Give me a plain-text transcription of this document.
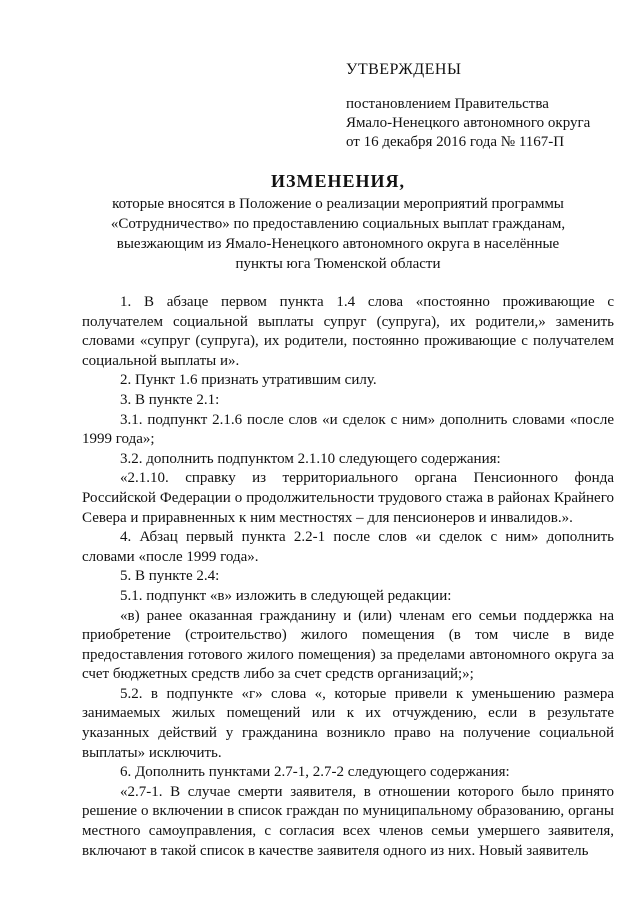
УТВЕРЖДЕНЫ
постановлением Правительства
Ямало-Ненецкого автономного округа
от 16 декабря 2016 года № 1167-П
ИЗМЕНЕНИЯ,
которые вносятся в Положение о реализации мероприятий программы
«Сотрудничество» по предоставлению социальных выплат гражданам,
выезжающим из Ямало-Ненецкого автономного округа в населённые
пункты юга Тюменской области

1. В абзаце первом пункта 1.4 слова «постоянно проживающие с получателем социальной выплаты супруг (супруга), их родители,» заменить словами «супруг (супруга), их родители, постоянно проживающие с получателем социальной выплаты и».

2. Пункт 1.6 признать утратившим силу.

3. В пункте 2.1:

3.1. подпункт 2.1.6 после слов «и сделок с ним» дополнить словами «после 1999 года»;

3.2. дополнить подпунктом 2.1.10 следующего содержания:

«2.1.10. справку из территориального органа Пенсионного фонда Российской Федерации о продолжительности трудового стажа в районах Крайнего Севера и приравненных к ним местностях – для пенсионеров и инвалидов.».

4. Абзац первый пункта 2.2-1 после слов «и сделок с ним» дополнить словами «после 1999 года».

5. В пункте 2.4:

5.1. подпункт «в» изложить в следующей редакции:

«в) ранее оказанная гражданину и (или) членам его семьи поддержка на приобретение (строительство) жилого помещения (в том числе в виде предоставления готового жилого помещения) за пределами автономного округа за счет бюджетных средств либо за счет средств организаций;»;

5.2. в подпункте «г» слова «, которые привели к уменьшению размера занимаемых жилых помещений или к их отчуждению, если в результате указанных действий у гражданина возникло право на получение социальной выплаты» исключить.

6. Дополнить пунктами 2.7-1, 2.7-2 следующего содержания:

«2.7-1. В случае смерти заявителя, в отношении которого было принято решение о включении в список граждан по муниципальному образованию, органы местного самоуправления, с согласия всех членов семьи умершего заявителя, включают в такой список в качестве заявителя одного из них. Новый заявитель
